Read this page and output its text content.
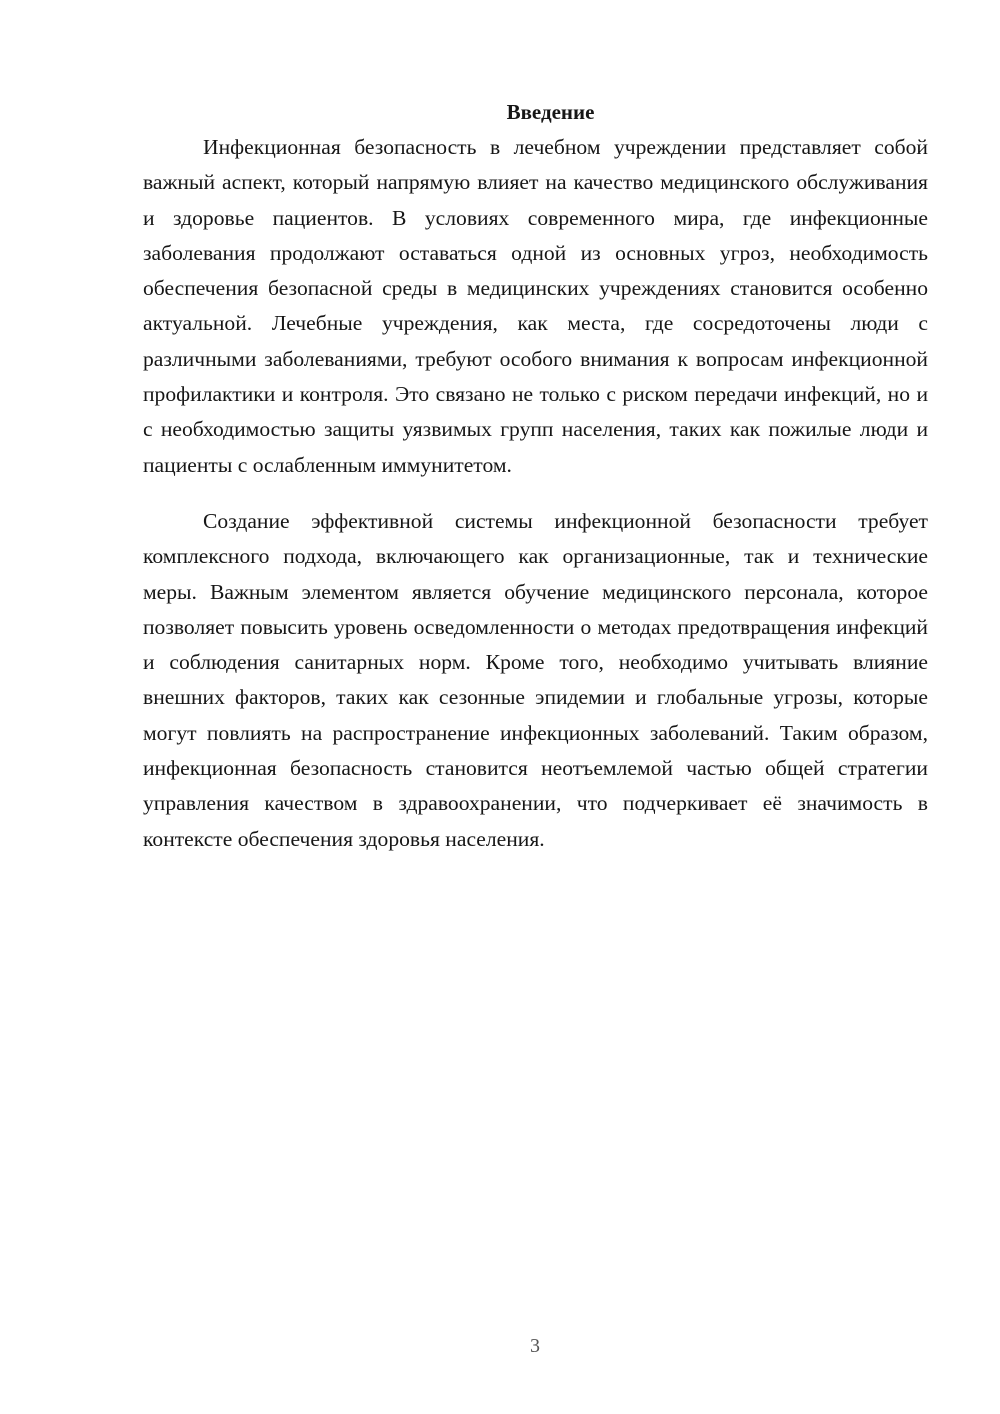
Введение

Инфекционная безопасность в лечебном учреждении представляет собой важный аспект, который напрямую влияет на качество медицинского обслуживания и здоровье пациентов. В условиях современного мира, где инфекционные заболевания продолжают оставаться одной из основных угроз, необходимость обеспечения безопасной среды в медицинских учреждениях становится особенно актуальной. Лечебные учреждения, как места, где сосредоточены люди с различными заболеваниями, требуют особого внимания к вопросам инфекционной профилактики и контроля. Это связано не только с риском передачи инфекций, но и с необходимостью защиты уязвимых групп населения, таких как пожилые люди и пациенты с ослабленным иммунитетом.

Создание эффективной системы инфекционной безопасности требует комплексного подхода, включающего как организационные, так и технические меры. Важным элементом является обучение медицинского персонала, которое позволяет повысить уровень осведомленности о методах предотвращения инфекций и соблюдения санитарных норм. Кроме того, необходимо учитывать влияние внешних факторов, таких как сезонные эпидемии и глобальные угрозы, которые могут повлиять на распространение инфекционных заболеваний. Таким образом, инфекционная безопасность становится неотъемлемой частью общей стратегии управления качеством в здравоохранении, что подчеркивает её значимость в контексте обеспечения здоровья населения.

3
